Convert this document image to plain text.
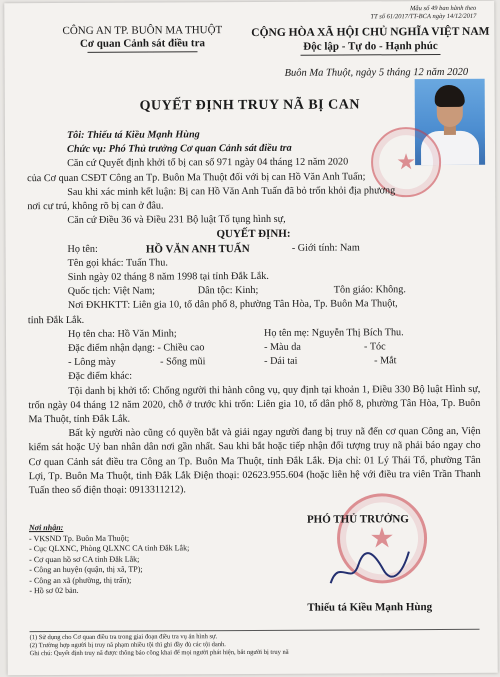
Mẫu số 49 ban hành theo
TT số 61/2017/TT-BCA ngày 14/12/2017
CÔNG AN TP. BUÔN MA THUỘT
Cơ quan Cảnh sát điều tra
CỘNG HÒA XÃ HỘI CHỦ NGHĨA VIỆT NAM
Độc lập - Tự do - Hạnh phúc
Buôn Ma Thuột, ngày 5 tháng 12 năm 2020
QUYẾT ĐỊNH TRUY NÃ BỊ CAN
★

Tôi: Thiếu tá Kiều Mạnh Hùng

Chức vụ: Phó Thủ trưởng Cơ quan Cảnh sát điều tra

Căn cứ Quyết định khởi tố bị can số 971 ngày 04 tháng 12 năm 2020

của Cơ quan CSĐT Công an Tp. Buôn Ma Thuột đối với bị can Hồ Văn Anh Tuấn;

Sau khi xác minh kết luận: Bị can Hồ Văn Anh Tuấn đã bỏ trốn khỏi địa phương

nơi cư trú, không rõ bị can ở đâu.

Căn cứ Điều 36 và Điều 231 Bộ luật Tố tụng hình sự,

QUYẾT ĐỊNH:

Họ tên:	HỒ VĂN ANH TUẤN	- Giới tính: Nam

Tên gọi khác: Tuấn Thu.

Sinh ngày 02 tháng 8 năm 1998 tại tỉnh Đắk Lắk.

Quốc tịch: Việt Nam;	Dân tộc: Kinh;	Tôn giáo: Không.

Nơi ĐKHKTT: Liên gia 10, tổ dân phố 8, phường Tân Hòa, Tp. Buôn Ma Thuột,

tỉnh Đắk Lắk.

Họ tên cha: Hồ Văn Minh;	Họ tên mẹ: Nguyễn Thị Bích Thu.

Đặc điểm nhận dạng: - Chiều cao	- Màu da	- Tóc

- Lông mày	- Sống mũi	- Dái tai	- Mắt

Đặc điểm khác:

Tội danh bị khởi tố: Chống người thi hành công vụ, quy định tại khoản 1, Điều 330 Bộ luật Hình sự, trốn ngày 04 tháng 12 năm 2020, chỗ ở trước khi trốn: Liên gia 10, tổ dân phố 8, phường Tân Hòa, Tp. Buôn Ma Thuột, tỉnh Đắk Lắk.

Bất kỳ người nào cũng có quyền bắt và giải ngay người đang bị truy nã đến cơ quan Công an, Viện kiểm sát hoặc Uỷ ban nhân dân nơi gần nhất. Sau khi bắt hoặc tiếp nhận đối tượng truy nã phải báo ngay cho Cơ quan Cảnh sát điều tra Công an Tp. Buôn Ma Thuột, tỉnh Đắk Lắk. Địa chỉ: 01 Lý Thái Tổ, phường Tân Lợi, Tp. Buôn Ma Thuột, tỉnh Đắk Lắk Điện thoại: 02623.955.604 (hoặc liên hệ với điều tra viên Trần Thanh Tuấn theo số điện thoại: 0913311212).

Nơi nhận:
- VKSND Tp. Buôn Ma Thuột;
- Cục QLXNC, Phòng QLXNC CA tỉnh Đắk Lắk;
- Cơ quan hồ sơ CA tỉnh Đắk Lắk;
- Công an huyện (quận, thị xã, TP);
- Công an xã (phường, thị trấn);
- Hồ sơ 02 bản.
★
PHÓ THỦ TRƯỞNG
Thiếu tá Kiều Mạnh Hùng
(1) Sử dụng cho Cơ quan điều tra trong giai đoạn điều tra vụ án hình sự.
(2) Trường hợp người bị truy nã phạm nhiều tội thì ghi đầy đủ các tội danh.
Ghi chú: Quyết định truy nã được thông báo công khai để mọi người phát hiện, bắt người bị truy nã
